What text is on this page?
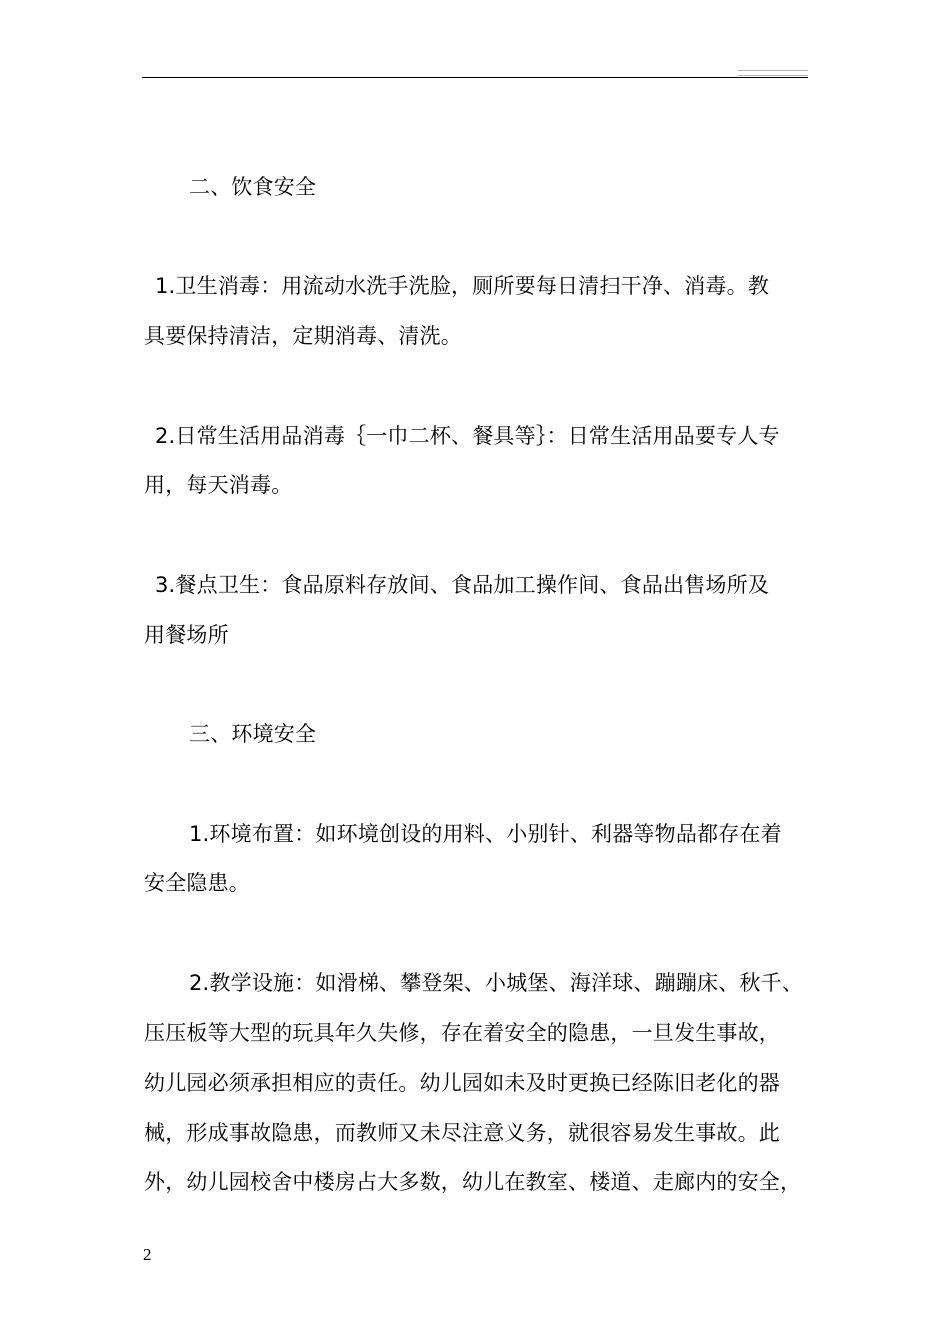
二、饮食安全
1.卫生消毒：用流动水洗手洗脸，厕所要每日清扫干净、消毒。教
具要保持清洁，定期消毒、清洗。
2.日常生活用品消毒｛一巾二杯、餐具等｝：日常生活用品要专人专
用，每天消毒。
3.餐点卫生：食品原料存放间、食品加工操作间、食品出售场所及
用餐场所
三、环境安全
1.环境布置：如环境创设的用料、小别针、利器等物品都存在着
安全隐患。
2.教学设施：如滑梯、攀登架、小城堡、海洋球、蹦蹦床、秋千、
压压板等大型的玩具年久失修，存在着安全的隐患，一旦发生事故，
幼儿园必须承担相应的责任。幼儿园如未及时更换已经陈旧老化的器
械，形成事故隐患，而教师又未尽注意义务，就很容易发生事故。此
外，幼儿园校舍中楼房占大多数，幼儿在教室、楼道、走廊内的安全，
2
